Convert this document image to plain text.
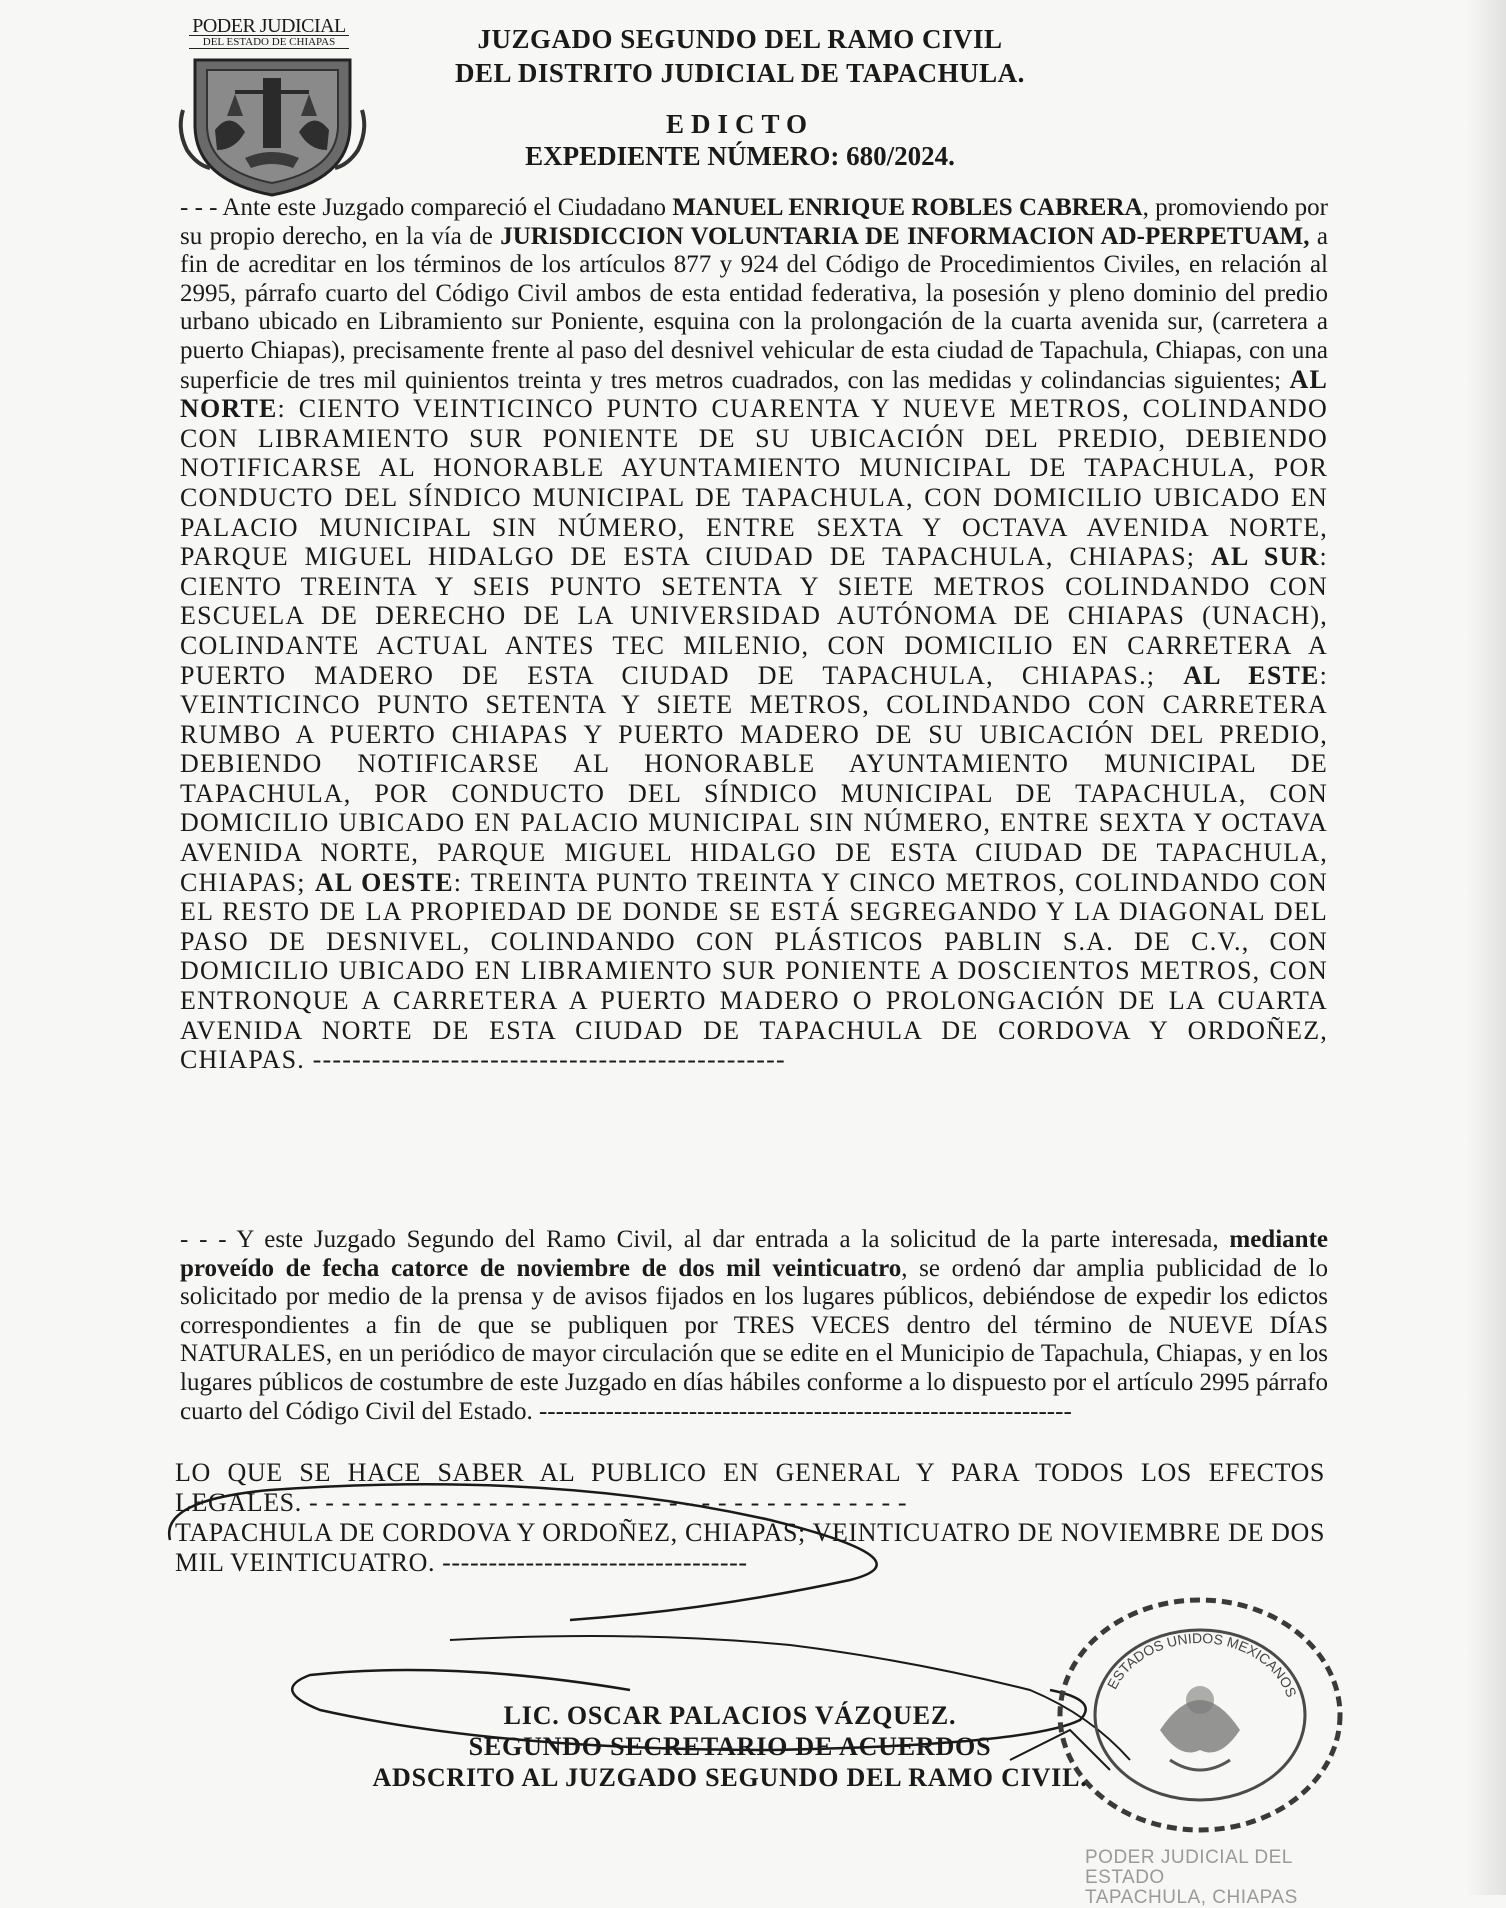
PODER JUDICIAL
DEL ESTADO DE CHIAPAS	JUZGADO SEGUNDO DEL RAMO CIVIL
DEL DISTRITO JUDICIAL DE TAPACHULA.
EDICTO
EXPEDIENTE NÚMERO: 680/2024.
- - - Ante este Juzgado compareció el Ciudadano MANUEL ENRIQUE ROBLES CABRERA, promoviendo por su propio derecho, en la vía de JURISDICCION VOLUNTARIA DE INFORMACION AD-PERPETUAM, a fin de acreditar en los términos de los artículos 877 y 924 del Código de Procedimientos Civiles, en relación al 2995, párrafo cuarto del Código Civil ambos de esta entidad federativa, la posesión y pleno dominio del predio urbano ubicado en Libramiento sur Poniente, esquina con la prolongación de la cuarta avenida sur, (carretera a puerto Chiapas), precisamente frente al paso del desnivel vehicular de esta ciudad de Tapachula, Chiapas, con una superficie de tres mil quinientos treinta y tres metros cuadrados, con las medidas y colindancias siguientes; AL NORTE: CIENTO VEINTICINCO PUNTO CUARENTA Y NUEVE METROS, COLINDANDO CON LIBRAMIENTO SUR PONIENTE DE SU UBICACIÓN DEL PREDIO, DEBIENDO NOTIFICARSE AL HONORABLE AYUNTAMIENTO MUNICIPAL DE TAPACHULA, POR CONDUCTO DEL SÍNDICO MUNICIPAL DE TAPACHULA, CON DOMICILIO UBICADO EN PALACIO MUNICIPAL SIN NÚMERO, ENTRE SEXTA Y OCTAVA AVENIDA NORTE, PARQUE MIGUEL HIDALGO DE ESTA CIUDAD DE TAPACHULA, CHIAPAS; AL SUR: CIENTO TREINTA Y SEIS PUNTO SETENTA Y SIETE METROS COLINDANDO CON ESCUELA DE DERECHO DE LA UNIVERSIDAD AUTÓNOMA DE CHIAPAS (UNACH), COLINDANTE ACTUAL ANTES TEC MILENIO, CON DOMICILIO EN CARRETERA A PUERTO MADERO DE ESTA CIUDAD DE TAPACHULA, CHIAPAS.; AL ESTE: VEINTICINCO PUNTO SETENTA Y SIETE METROS, COLINDANDO CON CARRETERA RUMBO A PUERTO CHIAPAS Y PUERTO MADERO DE SU UBICACIÓN DEL PREDIO, DEBIENDO NOTIFICARSE AL HONORABLE AYUNTAMIENTO MUNICIPAL DE TAPACHULA, POR CONDUCTO DEL SÍNDICO MUNICIPAL DE TAPACHULA, CON DOMICILIO UBICADO EN PALACIO MUNICIPAL SIN NÚMERO, ENTRE SEXTA Y OCTAVA AVENIDA NORTE, PARQUE MIGUEL HIDALGO DE ESTA CIUDAD DE TAPACHULA, CHIAPAS; AL OESTE: TREINTA PUNTO TREINTA Y CINCO METROS, COLINDANDO CON EL RESTO DE LA PROPIEDAD DE DONDE SE ESTÁ SEGREGANDO Y LA DIAGONAL DEL PASO DE DESNIVEL, COLINDANDO CON PLÁSTICOS PABLIN S.A. DE C.V., CON DOMICILIO UBICADO EN LIBRAMIENTO SUR PONIENTE A DOSCIENTOS METROS, CON ENTRONQUE A CARRETERA A PUERTO MADERO O PROLONGACIÓN DE LA CUARTA AVENIDA NORTE DE ESTA CIUDAD DE TAPACHULA DE CORDOVA Y ORDOÑEZ, CHIAPAS. ------------------------------------------------
- - - Y este Juzgado Segundo del Ramo Civil, al dar entrada a la solicitud de la parte interesada, mediante proveído de fecha catorce de noviembre de dos mil veinticuatro, se ordenó dar amplia publicidad de lo solicitado por medio de la prensa y de avisos fijados en los lugares públicos, debiéndose de expedir los edictos correspondientes a fin de que se publiquen por TRES VECES dentro del término de NUEVE DÍAS NATURALES, en un periódico de mayor circulación que se edite en el Municipio de Tapachula, Chiapas, y en los lugares públicos de costumbre de este Juzgado en días hábiles conforme a lo dispuesto por el artículo 2995 párrafo cuarto del Código Civil del Estado. ----------------------------------------------------------------
LO QUE SE HACE SABER AL PUBLICO EN GENERAL Y PARA TODOS LOS EFECTOS LEGALES. - - - - - - - - - - - - - - - - - - - - - - - - - - - - - - - - - - - - -
TAPACHULA DE CORDOVA Y ORDOÑEZ, CHIAPAS; VEINTICUATRO DE NOVIEMBRE DE DOS MIL VEINTICUATRO. ---------------------------------
ESTADOS UNIDOS MEXICANOS
LIC. OSCAR PALACIOS VÁZQUEZ.
SEGUNDO SECRETARIO DE ACUERDOS
ADSCRITO AL JUZGADO SEGUNDO DEL RAMO CIVIL.
PODER JUDICIAL DEL ESTADO
TAPACHULA, CHIAPAS
